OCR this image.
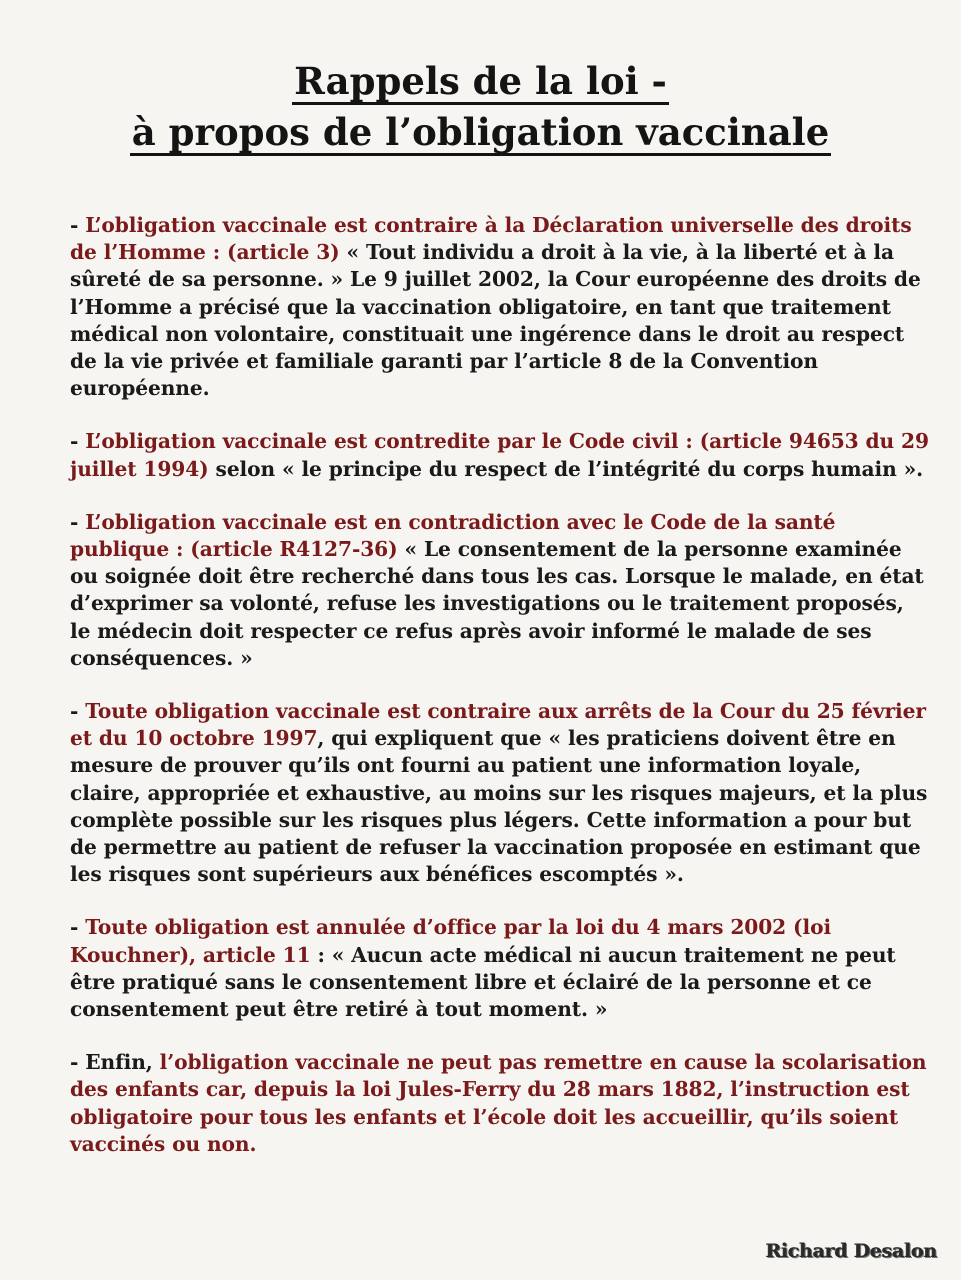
Rappels de la loi -
à propos de l’obligation vaccinale

- L’obligation vaccinale est contraire à la Déclaration universelle des droits de l’Homme : (article 3) « Tout individu a droit à la vie, à la liberté et à la sûreté de sa personne. » Le 9 juillet 2002, la Cour européenne des droits de l’Homme a précisé que la vaccination obligatoire, en tant que traitement médical non volontaire, constituait une ingérence dans le droit au respect de la vie privée et familiale garanti par l’article 8 de la Convention européenne.

- L’obligation vaccinale est contredite par le Code civil : (article 94653 du 29 juillet 1994) selon « le principe du respect de l’intégrité du corps humain ».

- L’obligation vaccinale est en contradiction avec le Code de la santé publique : (article R4127-36) « Le consentement de la personne examinée ou soignée doit être recherché dans tous les cas. Lorsque le malade, en état d’exprimer sa volonté, refuse les investigations ou le traitement proposés, le médecin doit respecter ce refus après avoir informé le malade de ses conséquences. »

- Toute obligation vaccinale est contraire aux arrêts de la Cour du 25 février et du 10 octobre 1997, qui expliquent que « les praticiens doivent être en mesure de prouver qu’ils ont fourni au patient une information loyale, claire, appropriée et exhaustive, au moins sur les risques majeurs, et la plus complète possible sur les risques plus légers. Cette information a pour but de permettre au patient de refuser la vaccination proposée en estimant que les risques sont supérieurs aux bénéfices escomptés ».

- Toute obligation est annulée d’office par la loi du 4 mars 2002 (loi Kouchner), article 11 : « Aucun acte médical ni aucun traitement ne peut être pratiqué sans le consentement libre et éclairé de la personne et ce consentement peut être retiré à tout moment. »

- Enfin, l’obligation vaccinale ne peut pas remettre en cause la scolarisation des enfants car, depuis la loi Jules-Ferry du 28 mars 1882, l’instruction est obligatoire pour tous les enfants et l’école doit les accueillir, qu’ils soient vaccinés ou non.

Richard Desalon
